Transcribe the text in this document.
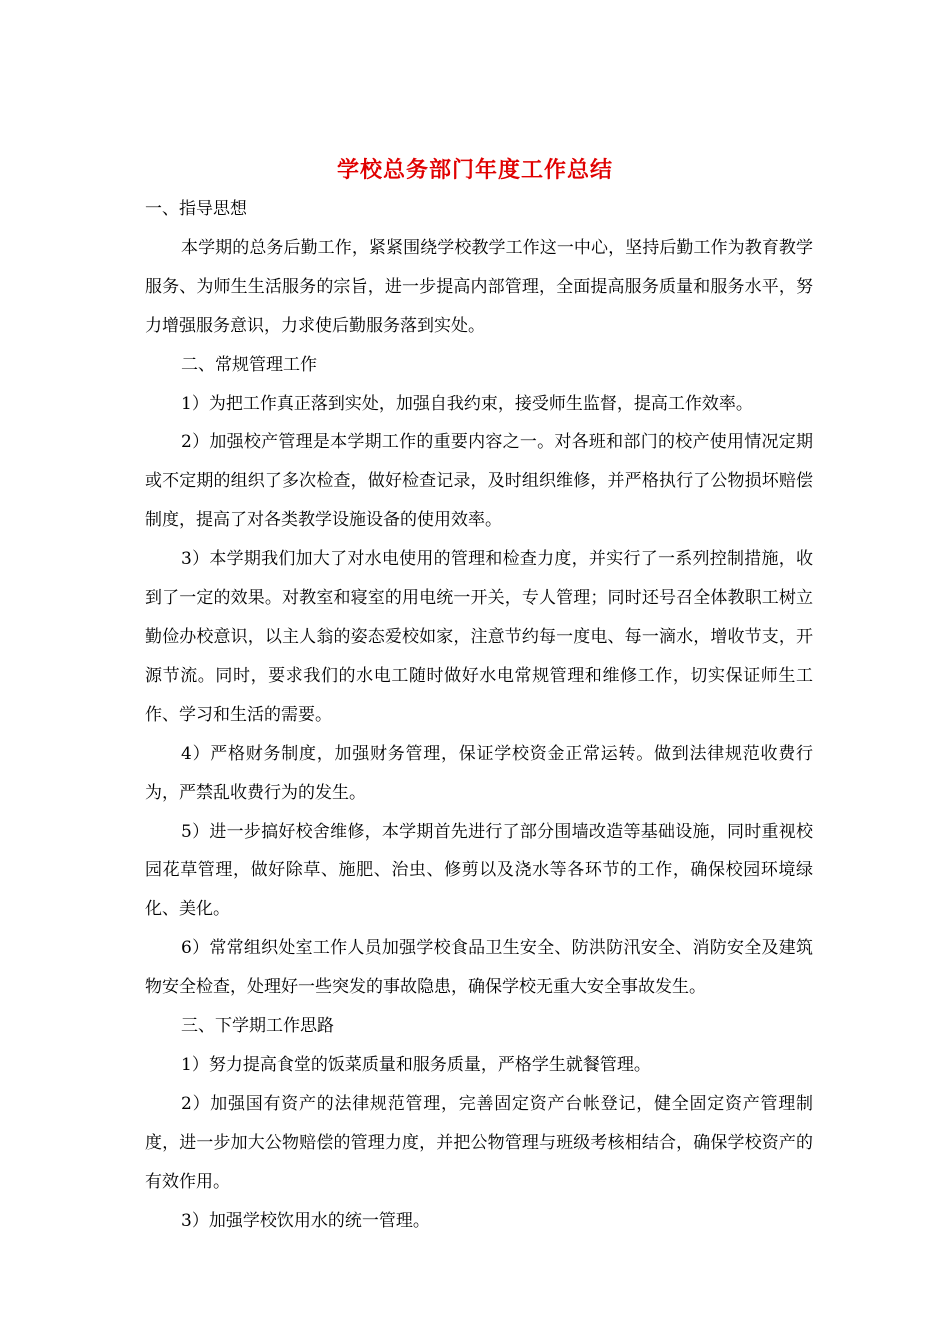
学校总务部门年度工作总结

一、指导思想

本学期的总务后勤工作，紧紧围绕学校教学工作这一中心，坚持后勤工作为教育教学服务、为师生生活服务的宗旨，进一步提高内部管理，全面提高服务质量和服务水平，努力增强服务意识，力求使后勤服务落到实处。

二、常规管理工作

1）为把工作真正落到实处，加强自我约束，接受师生监督，提高工作效率。

2）加强校产管理是本学期工作的重要内容之一。对各班和部门的校产使用情况定期或不定期的组织了多次检查，做好检查记录，及时组织维修，并严格执行了公物损坏赔偿制度，提高了对各类教学设施设备的使用效率。

3）本学期我们加大了对水电使用的管理和检查力度，并实行了一系列控制措施，收到了一定的效果。对教室和寝室的用电统一开关，专人管理；同时还号召全体教职工树立勤俭办校意识，以主人翁的姿态爱校如家，注意节约每一度电、每一滴水，增收节支，开源节流。同时，要求我们的水电工随时做好水电常规管理和维修工作，切实保证师生工作、学习和生活的需要。

4）严格财务制度，加强财务管理，保证学校资金正常运转。做到法律规范收费行为，严禁乱收费行为的发生。

5）进一步搞好校舍维修，本学期首先进行了部分围墙改造等基础设施，同时重视校园花草管理，做好除草、施肥、治虫、修剪以及浇水等各环节的工作，确保校园环境绿化、美化。

6）常常组织处室工作人员加强学校食品卫生安全、防洪防汛安全、消防安全及建筑物安全检查，处理好一些突发的事故隐患，确保学校无重大安全事故发生。

三、下学期工作思路

1）努力提高食堂的饭菜质量和服务质量，严格学生就餐管理。

2）加强国有资产的法律规范管理，完善固定资产台帐登记，健全固定资产管理制度，进一步加大公物赔偿的管理力度，并把公物管理与班级考核相结合，确保学校资产的有效作用。

3）加强学校饮用水的统一管理。
